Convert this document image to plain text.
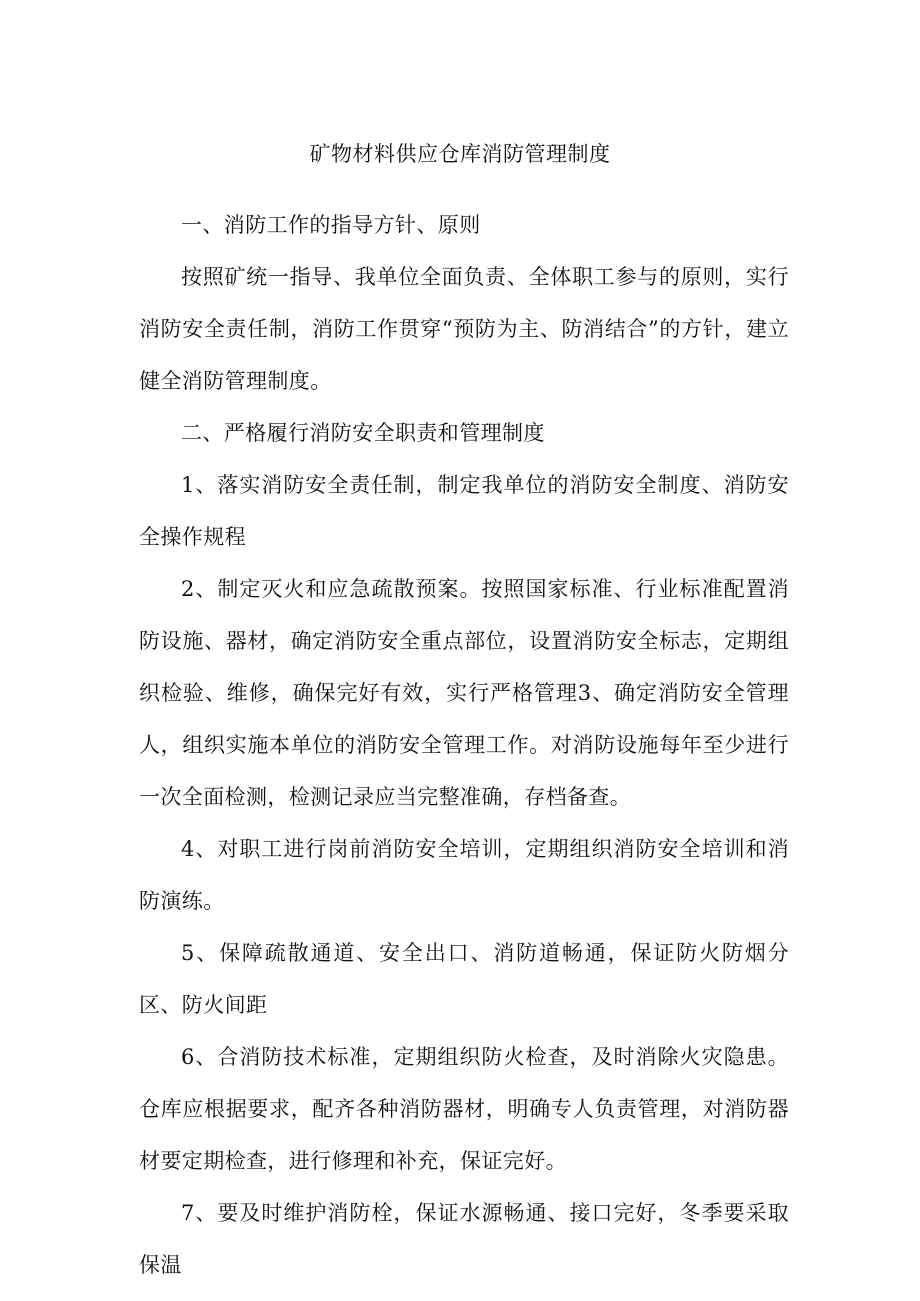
矿物材料供应仓库消防管理制度

一、消防工作的指导方针、原则

按照矿统一指导、我单位全面负责、全体职工参与的原则，实行消防安全责任制，消防工作贯穿“预防为主、防消结合”的方针，建立健全消防管理制度。

二、严格履行消防安全职责和管理制度

1、落实消防安全责任制，制定我单位的消防安全制度、消防安全操作规程

2、制定灭火和应急疏散预案。按照国家标准、行业标准配置消防设施、器材，确定消防安全重点部位，设置消防安全标志，定期组织检验、维修，确保完好有效，实行严格管理3、确定消防安全管理人，组织实施本单位的消防安全管理工作。对消防设施每年至少进行一次全面检测，检测记录应当完整准确，存档备查。

4、对职工进行岗前消防安全培训，定期组织消防安全培训和消防演练。

5、保障疏散通道、安全出口、消防道畅通，保证防火防烟分区、防火间距

6、合消防技术标准，定期组织防火检查，及时消除火灾隐患。仓库应根据要求，配齐各种消防器材，明确专人负责管理，对消防器材要定期检查，进行修理和补充，保证完好。

7、要及时维护消防栓，保证水源畅通、接口完好，冬季要采取保温
